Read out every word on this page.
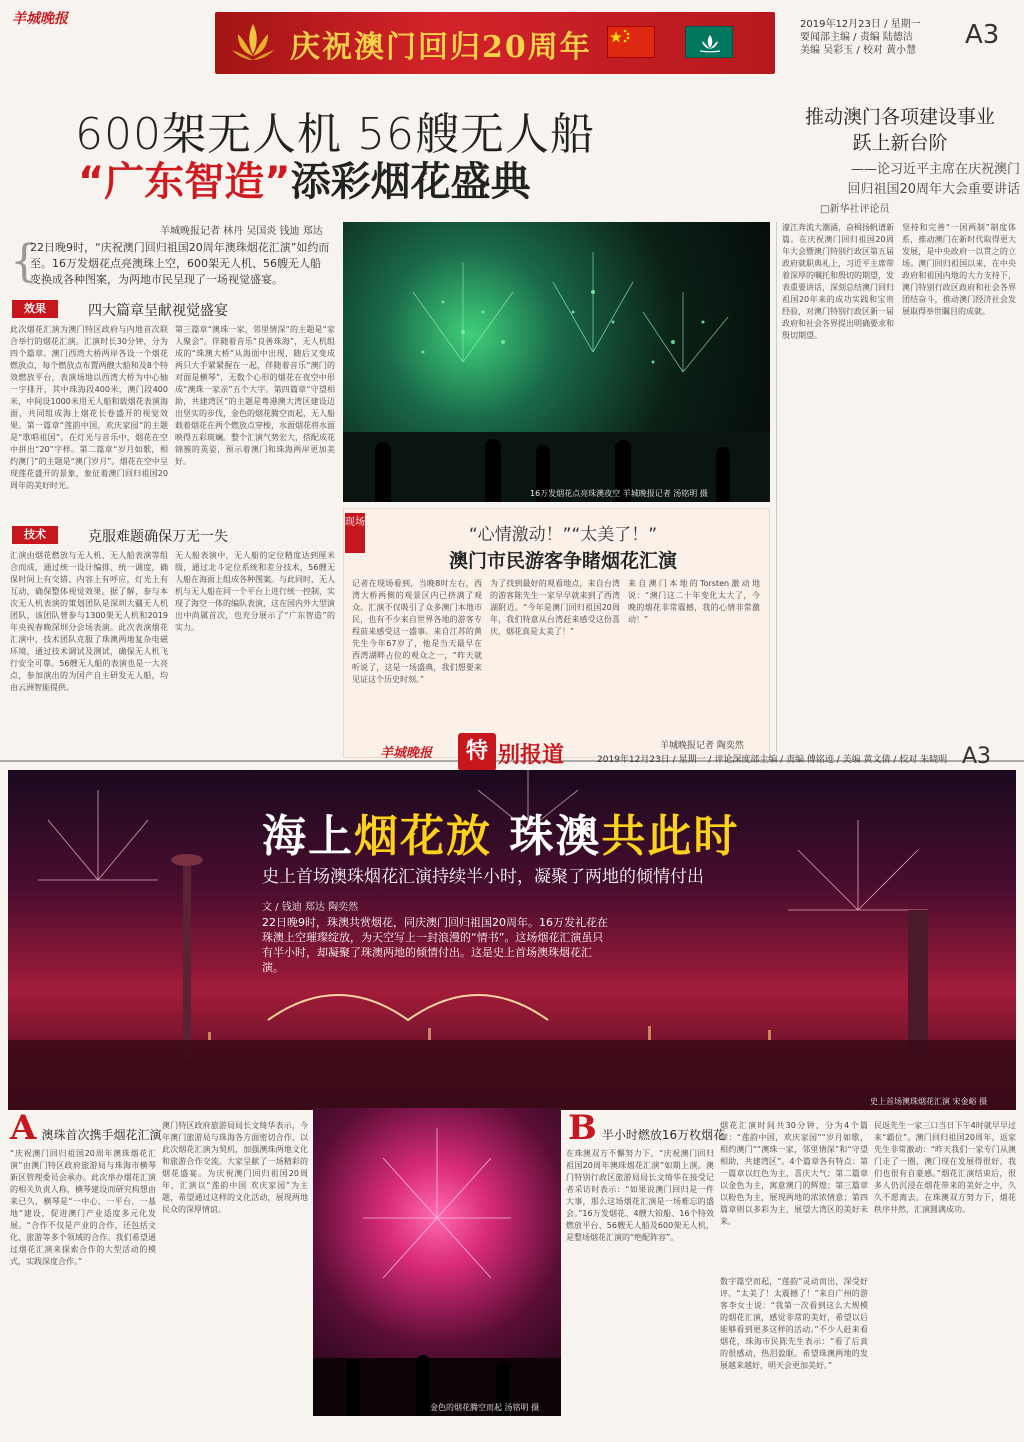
羊城晚报
庆祝澳门回归20周年
2019年12月23日 / 星期一
要闻部主编 / 责编 陆德洁
美编 吴彩玉 / 校对 黄小慧
A3
600架无人机 56艘无人船
“广东智造”添彩烟花盛典
推动澳门各项建设事业
跃上新台阶
——论习近平主席在庆祝澳门
回归祖国20周年大会重要讲话
□新华社评论员
{
羊城晚报记者 林丹 吴国炎 钱迪 郑达
22日晚9时，“庆祝澳门回归祖国20周年澳珠烟花汇演”如约而至。16万发烟花点亮澳珠上空，600架无人机、56艘无人船变换成各种图案，为两地市民呈现了一场视觉盛宴。
效果	四大篇章呈献视觉盛宴
此次烟花汇演为澳门特区政府与内地首次联合举行的烟花汇演。汇演时长30分钟，分为四个篇章。澳门西湾大桥两岸各设一个烟花燃放点，每个燃放点布置两艘大船和及8个特效燃放平台，表演场地以西湾大桥为中心轴一字排开，其中珠海段400米，澳门段400米，中间设1000米用无人船和载烟花表演海面，共同组成海上烟花长卷盛开的视觉效果。第一篇章“莲韵中国，欢庆家园”的主题是“歌唱祖国”。在灯光与音乐中，烟花在空中拼出“20”字样。第二篇章“岁月如歌，相约澳门”的主题是“澳门岁月”。烟花在空中呈现莲花盛开的景象，象征着澳门回归祖国20周年的美好时光。
第三篇章“澳珠一家，邻里情深”的主题是“家人聚会”。伴随着音乐“良善珠海”，无人机组成的“珠澳大桥”从海面中出现，随后又变成两只大手紧紧握在一起，伴随着音乐“澳门的对面是横琴”，无数个心形的烟花在夜空中形成“澳珠一家亲”五个大字。第四篇章“守望相助，共建湾区”的主题是粤港澳大湾区建设迈出坚实的步伐，金色的烟花腾空而起，无人船载着烟花在两个燃放点穿梭，水面烟花将水面映得五彩斑斓。整个汇演气势宏大，搭配成花锦簇的英姿，预示着澳门和珠海两岸更加美好。
技术	克服难题确保万无一失
汇演由烟花燃放与无人机、无人船表演等组合而成，通过统一设计编排、统一调度，确保时间上有交错、内容上有呼应，灯光上有互动，确保整体视觉效果。据了解，参与本次无人机表演的策划团队是深圳大疆无人机团队，该团队曾参与1300架无人机和2019年央视春晚深圳分会场表演。此次表演烟花汇演中，技术团队克服了珠澳两地复杂电磁环境，通过技术调试及测试，确保无人机飞行安全可靠。56艘无人船的表演也是一大亮点，参加演出的为国产自主研发无人船，均由云洲智能提供。
无人船表演中，无人船的定位精度达到厘米级，通过北斗定位系统和差分技术，56艘无人船在海面上组成各种图案。与此同时，无人机与无人船在同一个平台上进行统一控制，实现了海空一体的编队表演，这在国内外大型演出中尚属首次，也充分展示了“广东智造”的实力。
16万发烟花点亮珠澳夜空 羊城晚报记者 汤铭明 摄
现场
“心情激动！”“太美了！”
澳门市民游客争睹烟花汇演
记者在现场看到，当晚8时左右，西湾大桥两侧的观景区内已挤满了观众。汇演不仅吸引了众多澳门本地市民，也有不少来自世界各地的游客专程前来感受这一盛事。来自江苏的黄先生今年67岁了，他是当天最早在西湾湖畔占位的观众之一，“昨天就听说了，这是一场盛典，我们想要来见证这个历史时刻。”
为了找到最好的观看地点，来自台湾的游客陈先生一家早早就来到了西湾湖附近。“今年是澳门回归祖国20周年，我们特意从台湾赶来感受这份喜庆，烟花真是太美了！”
来自澳门本地的Torsten激动地说：“澳门这二十年变化太大了，今晚的烟花非常震撼，我的心情非常激动！”
羊城晚报记者 陶奕然
濠江奔流大潮涌，奋楫扬帆谱新篇。在庆祝澳门回归祖国20周年大会暨澳门特别行政区第五届政府就职典礼上，习近平主席带着深厚的嘱托和殷切的期望，发表重要讲话，深刻总结澳门回归祖国20年来的成功实践和宝贵经验，对澳门特别行政区新一届政府和社会各界提出明确要求和殷切期望。
坚持和完善“一国两制”制度体系，推动澳门在新时代取得更大发展，是中央政府一以贯之的立场。澳门回归祖国以来，在中央政府和祖国内地的大力支持下，澳门特别行政区政府和社会各界团结奋斗，推动澳门经济社会发展取得举世瞩目的成就。
羊城晚报	特 别报道	2019年12月23日 / 星期一 / 评论深度部主编 / 责编 傅铭迹 / 美编 黄文倩 / 校对 朱晓明 A3
海上烟花放 珠澳共此时
史上首场澳珠烟花汇演持续半小时，凝聚了两地的倾情付出
文 / 钱迪 郑达 陶奕然
22日晚9时，珠澳共赏烟花，同庆澳门回归祖国20周年。16万发礼花在珠澳上空璀璨绽放，为天空写上一封浪漫的“情书”。这场烟花汇演虽只有半小时，却凝聚了珠澳两地的倾情付出。这是史上首场澳珠烟花汇演。
史上首场澳珠烟花汇演 宋金峪 摄
A 澳珠首次携手烟花汇演
“庆祝澳门回归祖国20周年澳珠烟花汇演”由澳门特区政府旅游局与珠海市横琴新区管理委员会承办。此次举办烟花汇演的相关负责人称，横琴建设而研究构想由来已久，横琴是“一中心、一平台、一基地”建设，促进澳门产业适度多元化发展。“合作不仅是产业的合作，还包括文化、旅游等多个领域的合作。我们希望通过烟花汇演来探索合作的大型活动的模式，实践深度合作。”
澳门特区政府旅游局局长文绮华表示，今年澳门旅游局与珠海各方面密切合作，以此次烟花汇演为契机，加强澳珠两地文化和旅游合作交流。大家呈献了一场精彩的烟花盛宴。为庆祝澳门回归祖国20周年，汇演以“莲韵中国 欢庆家园”为主题，希望通过这样的文化活动，展现两地民众的深厚情谊。
金色的烟花腾空而起 汤铭明 摄
B 半小时燃放16万枚烟花
在珠澳双方不懈努力下，“庆祝澳门回归祖国20周年澳珠烟花汇演”如期上演。澳门特别行政区旅游局局长文绮华在接受记者采访时表示：“如果说澳门回归是一件大事，那么这场烟花汇演是一场难忘的盛会。”16万发烟花、4艘大铂船、16个特效燃放平台、56艘无人船及600架无人机，是整场烟花汇演的“绝配阵容”。
烟花汇演时间共30分钟，分为4个篇章：“莲韵中国，欢庆家园”“岁月如歌，相约澳门”“澳珠一家，邻里情深”和“守望相助，共建湾区”。4个篇章各有特点：第一篇章以红色为主，喜庆大气；第二篇章以金色为主，寓意澳门的辉煌；第三篇章以粉色为主，展现两地的浓浓情意；第四篇章则以多彩为主，展望大湾区的美好未来。
数字篇空而起，“莲韵”灵动而出，深受好评。“太美了！太震撼了！”来自广州的游客李女士说：“我第一次看到这么大规模的烟花汇演，感觉非常的美好，希望以后能够看到更多这样的活动。”不少人赶来看烟花，珠海市民陈先生表示：“看了后真的很感动，热泪盈眶。希望珠澳两地的发展越来越好，明天会更加美好。”
民返先生一家三口当日下午4时就早早过来“霸位”。澳门回归祖国20周年，返家先生非常激动：“昨天我们一家专门从澳门走了一圈，澳门现在发展得很好，我们也很有自豪感。”烟花汇演结束后，很多人仍沉浸在烟花带来的美好之中，久久不愿离去。在珠澳双方努力下，烟花秩序井然，汇演圆满成功。
